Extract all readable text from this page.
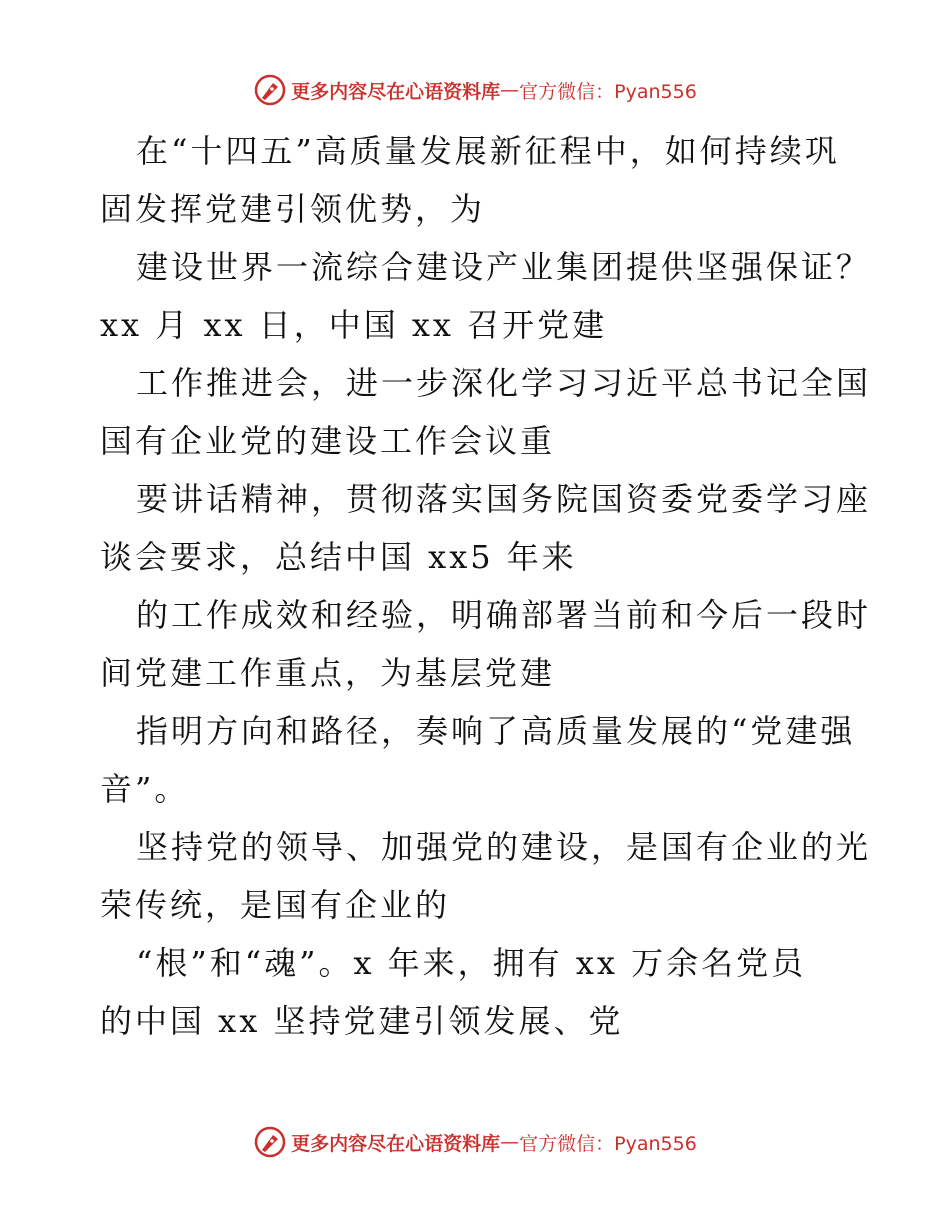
更多内容尽在心语资料库 — 官方微信：Pyan556
在“十四五”高质量发展新征程中，如何持续巩
固发挥党建引领优势，为
建设世界一流综合建设产业集团提供坚强保证？
xx 月 xx 日，中国 xx 召开党建
工作推进会，进一步深化学习习近平总书记全国
国有企业党的建设工作会议重
要讲话精神，贯彻落实国务院国资委党委学习座
谈会要求，总结中国 xx5 年来
的工作成效和经验，明确部署当前和今后一段时
间党建工作重点，为基层党建
指明方向和路径，奏响了高质量发展的“党建强
音”。
坚持党的领导、加强党的建设，是国有企业的光
荣传统，是国有企业的
“根”和“魂”。x 年来，拥有 xx 万余名党员
的中国 xx 坚持党建引领发展、党
更多内容尽在心语资料库 — 官方微信：Pyan556
